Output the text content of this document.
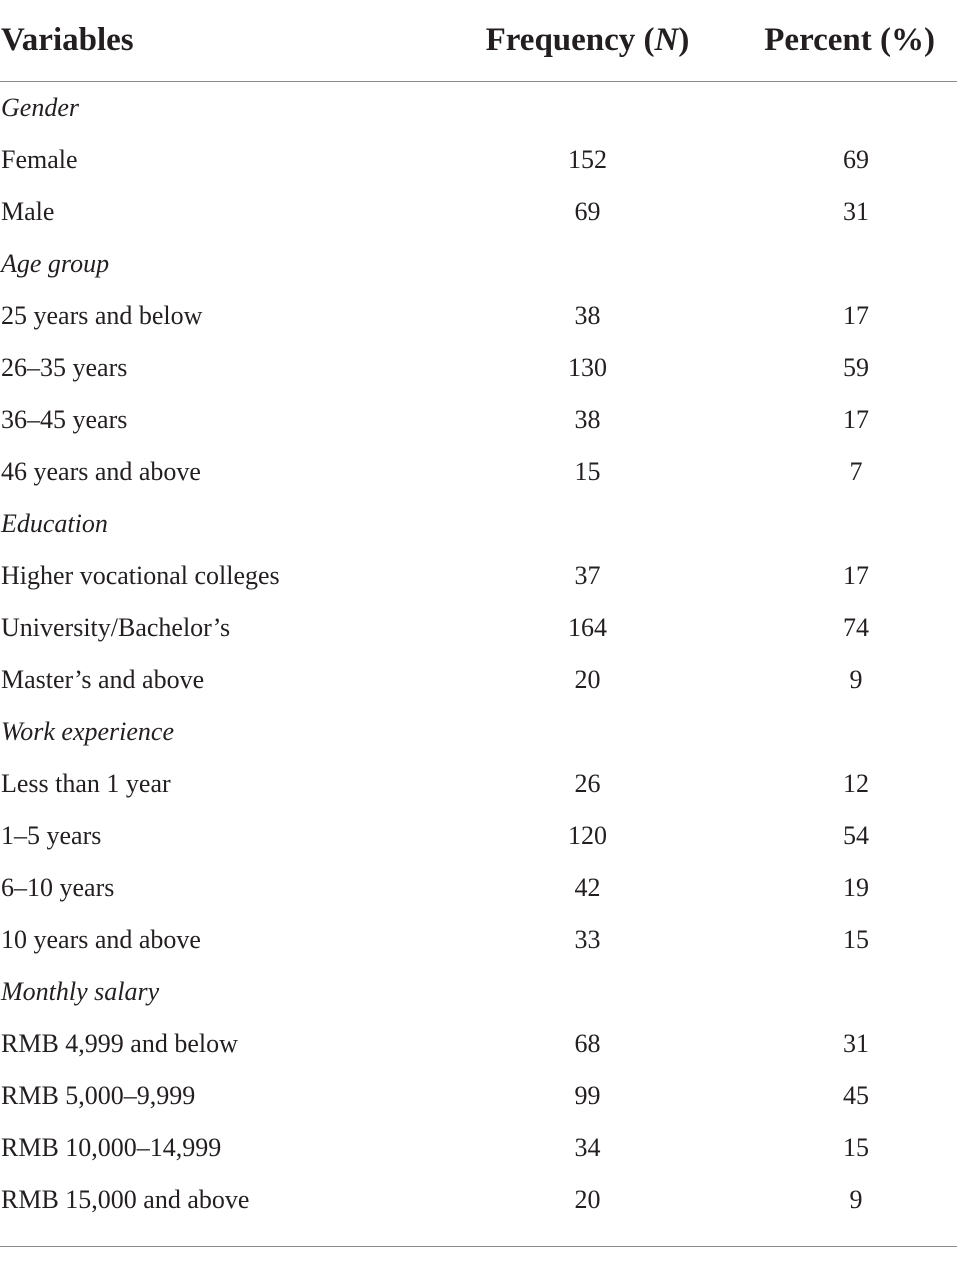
Variables	Frequency (N)	Percent (%)
Gender		
Female	152	69
Male	69	31
Age group		
25 years and below	38	17
26–35 years	130	59
36–45 years	38	17
46 years and above	15	7
Education		
Higher vocational colleges	37	17
University/Bachelor’s	164	74
Master’s and above	20	9
Work experience		
Less than 1 year	26	12
1–5 years	120	54
6–10 years	42	19
10 years and above	33	15
Monthly salary		
RMB 4,999 and below	68	31
RMB 5,000–9,999	99	45
RMB 10,000–14,999	34	15
RMB 15,000 and above	20	9
